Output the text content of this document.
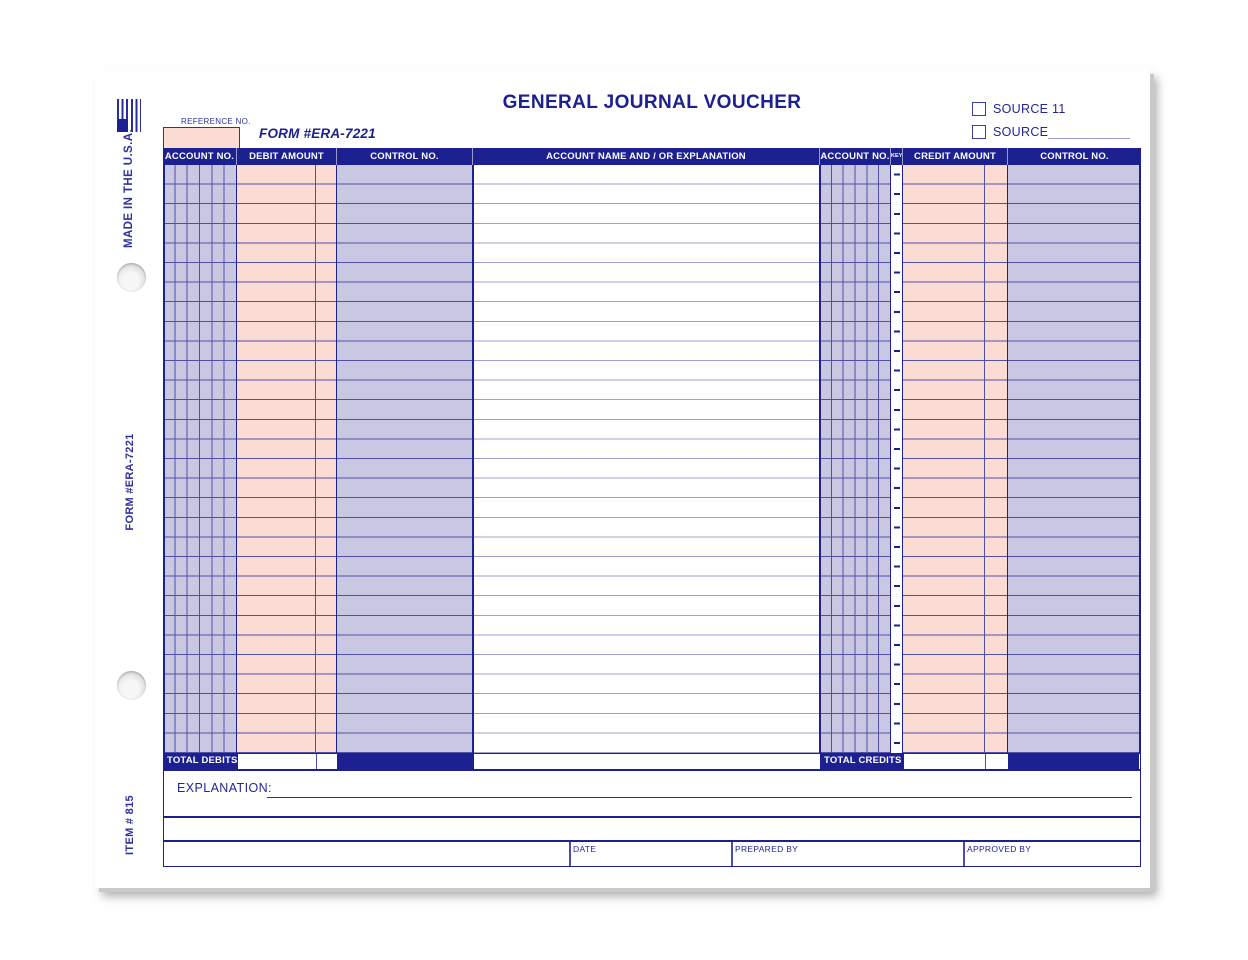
MADE IN THE U.S.A.
FORM #ERA-7221
ITEM # 815
GENERAL JOURNAL VOUCHER
REFERENCE NO.
FORM #ERA-7221
SOURCE 11
SOURCE
ACCOUNT NO.	DEBIT AMOUNT	CONTROL NO.	ACCOUNT NAME AND / OR EXPLANATION	ACCOUNT NO. KEY	CREDIT AMOUNT	CONTROL NO.
TOTAL DEBITS	TOTAL CREDITS
EXPLANATION:
DATE	PREPARED BY	APPROVED BY
